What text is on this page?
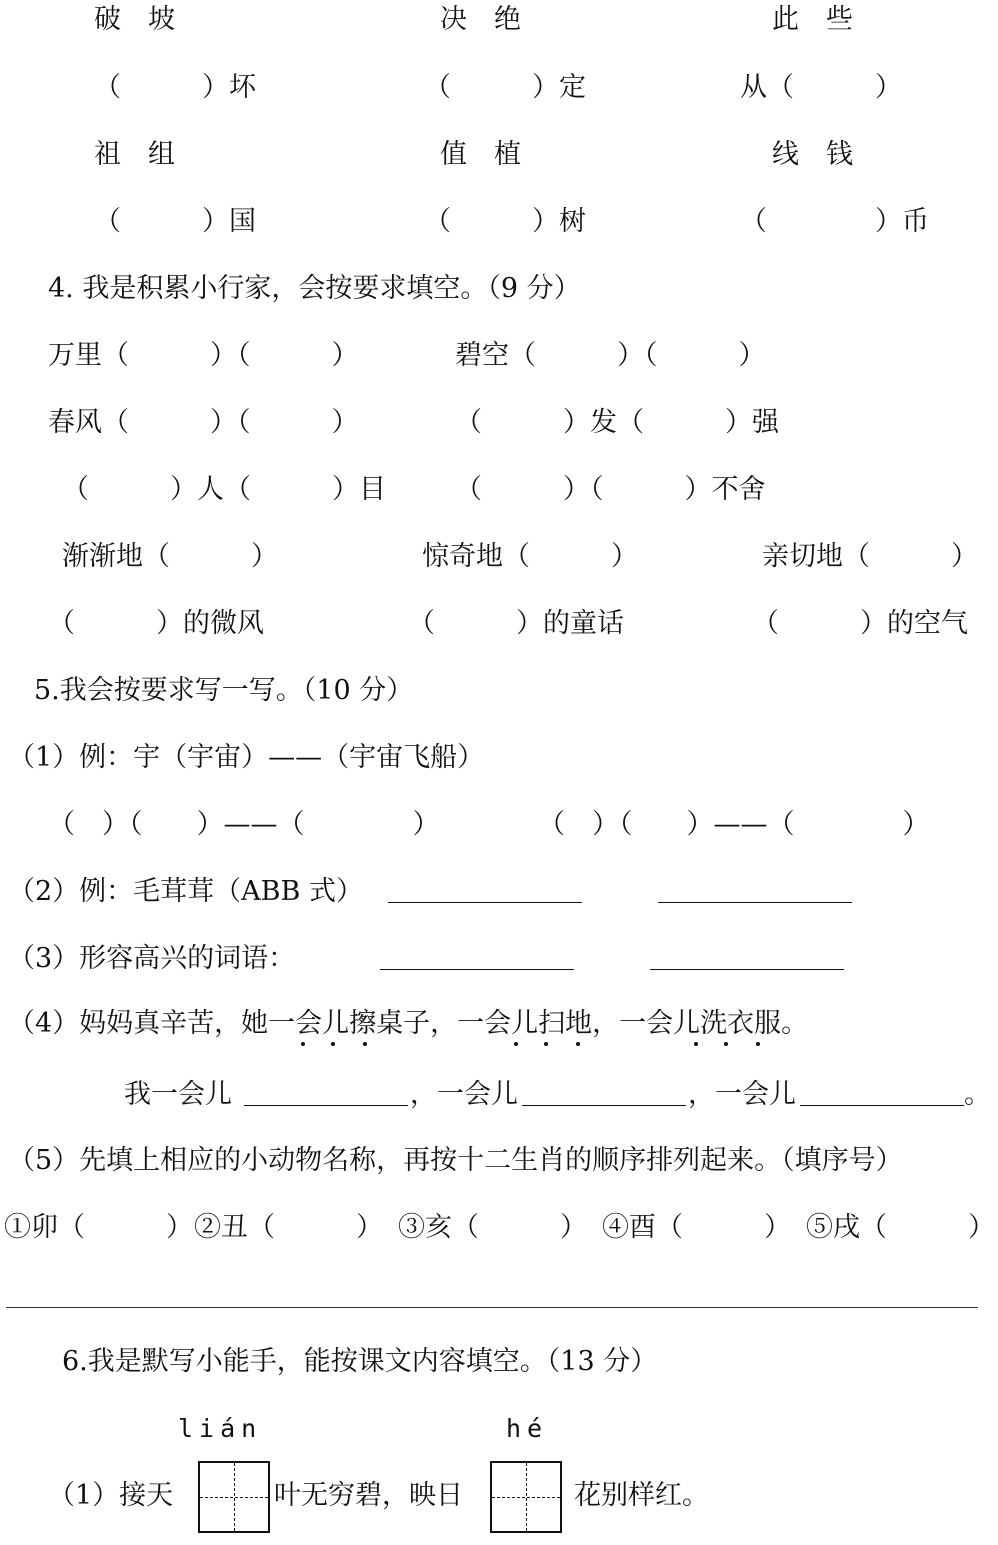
破　坡	决　绝	此　些
（　　　）坏	（　　　）定	从（　　　）
祖　组	值　植	线　钱
（　　　）国	（　　　）树	（　　　　）币
4. 我是积累小行家，会按要求填空。（9 分）
万里（　　　）（　　　）	碧空（　　　）（　　　）
春风（　　　）（　　　）	（　　　）发（　　　）强
（　　　）人（　　　）目	（　　　）（　　　）不舍
渐渐地（　　　）	惊奇地（　　　）	亲切地（　　　）
（　　　）的微风	（　　　）的童话	（　　　）的空气
5.我会按要求写一写。（10 分）
（1）例：宇（宇宙）——（宇宙飞船）
（　）（　　）——（　　　　）	（　）（　　）——（　　　　）
（2）例：毛茸茸（ABB 式）
（3）形容高兴的词语：
（4）妈妈真辛苦，她一会儿擦桌子，一会儿扫地，一会儿洗衣服。
我一会儿	，一会儿	，一会儿	。
（5）先填上相应的小动物名称，再按十二生肖的顺序排列起来。（填序号）
①卯（　　　） ②丑（　　　） ③亥（　　　） ④酉（　　　） ⑤戌（　　　）
6.我是默写小能手，能按课文内容填空。（13 分）
lián	hé
（1）接天	叶无穷碧，映日	花别样红。
